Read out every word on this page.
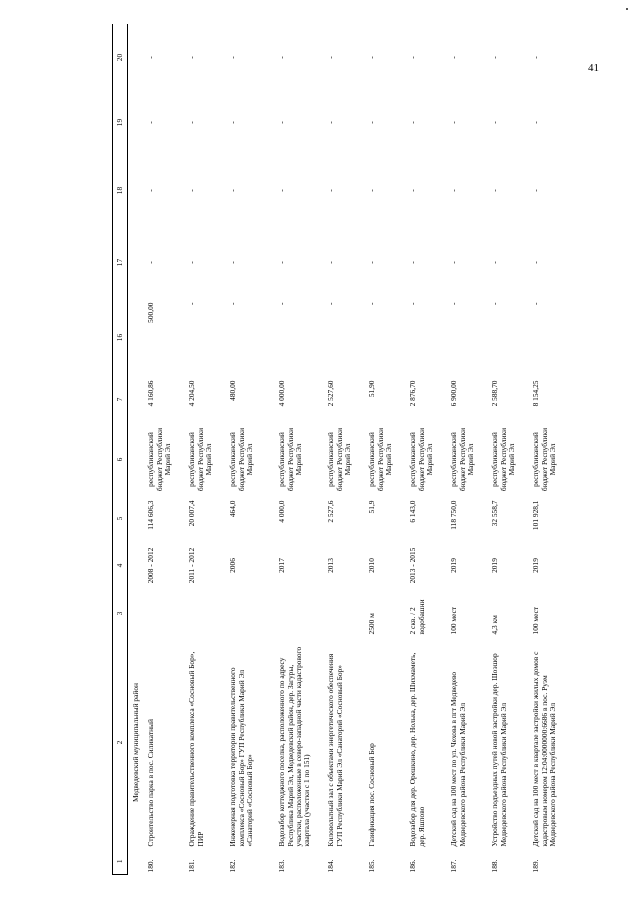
41
1	2	3	4	5	6	7	16	17	18	19	20
	Медведевский муниципальный район										
180.	Строительство парка в пос. Силикатный		2008 - 2012	114 606,3	республиканский бюджет Республики Марий Эл	4 160,86	500,00	-	-	-	-
181.	Ограждение правительственного комплекса «Сосновый Бор», ПИР		2011 - 2012	20 007,4	республиканский бюджет Республики Марий Эл	4 204,50	-	-	-	-	-
182.	Инженерная подготовка территории правительственного комплекса «Сосновый Бор» ГУП Республики Марий Эл «Санаторий «Сосновый Бор»		2006	464,0	республиканский бюджет Республики Марий Эл	480,00	-	-	-	-	-
183.	Водозабор коттеджного поселка, расположенного по адресу Республика Марий Эл, Медведевский район, дер. Загуры, участки, расположенные в северо-западной части кадастрового квартала (участки с 1 по 151)		2017	4 000,0	республиканский бюджет Республики Марий Эл	4 000,00	-	-	-	-	-
184.	Киловольтный зал с объектами энергетического обеспечения ГУП Республики Марий Эл «Санаторий «Сосновый Бор»		2013	2 527,6	республиканский бюджет Республики Марий Эл	2 527,60	-	-	-	-	-
185.	Газификация пос. Сосновый Бор	2500 м	2010	51,9	республиканский бюджет Республики Марий Эл	51,90	-	-	-	-	-
186.	Водозабор для дер. Орешкино, дер. Нолька, дер. Шихмаметь, дер. Яшпово	2 скв. / 2 водобашни	2013 - 2015	6 143,0	республиканский бюджет Республики Марий Эл	2 876,70	-	-	-	-	-
187.	Детский сад на 100 мест по ул. Чехова в пгт Медведево Медведевского района Республики Марий Эл	100 мест	2019	118 750,0	республиканский бюджет Республики Марий Эл	6 900,00	-	-	-	-	-
188.	Устройство подъездных путей новой застройки дер. Шоэшор Медведевского района Республики Марий Эл	4,3 км	2019	32 558,7	республиканский бюджет Республики Марий Эл	2 588,70	-	-	-	-	-
189.	Детский сад на 100 мест в квартале застройки жилых домов с кадастровым номером 12:04:0000000:6686 в пос. Руэм Медведевского района Республики Марий Эл	100 мест	2019	101 928,1	республиканский бюджет Республики Марий Эл	8 154,25	-	-	-	-	-
